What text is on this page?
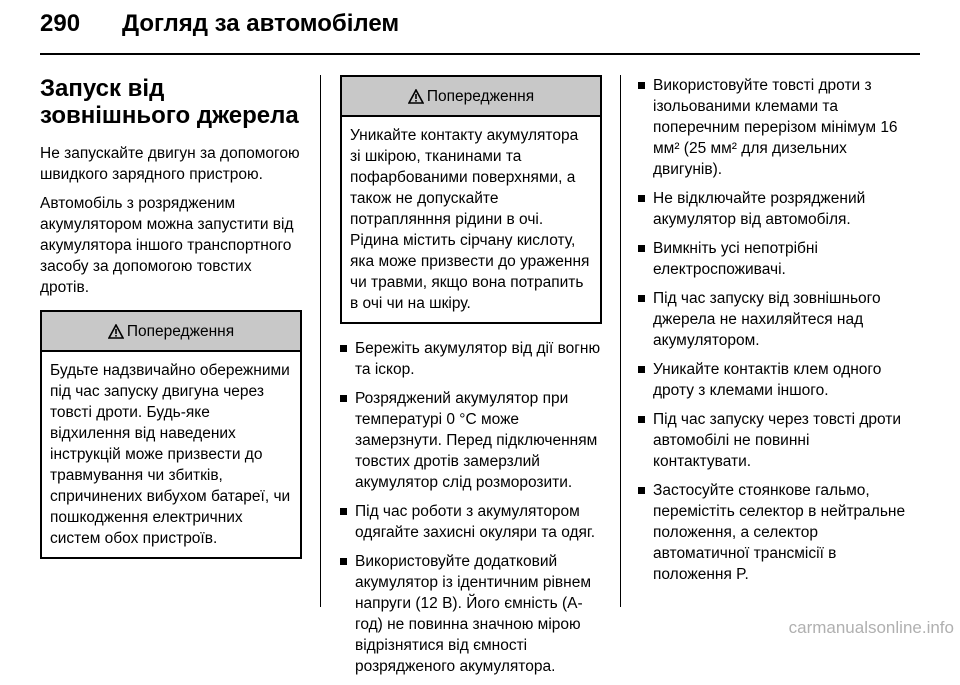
290 Догляд за автомобілем
Запуск від зовнішнього джерела

Не запускайте двигун за допомогою швидкого зарядного пристрою.

Автомобіль з розрядженим акумулятором можна запустити від акумулятора іншого транспортного засобу за допомогою товстих дротів.

Попередження
Будьте надзвичайно обережними під час запуску двигуна через товсті дроти. Будь-яке відхилення від наведених інструкцій може призвести до травмування чи збитків, спричинених вибухом батареї, чи пошкодження електричних систем обох пристроїв.
Попередження
Уникайте контакту акумулятора зі шкірою, тканинами та пофарбованими поверхнями, а також не допускайте потраплянння рідини в очі. Рідина містить сірчану кислоту, яка може призвести до ураження чи травми, якщо вона потрапить в очі чи на шкіру.
Бережіть акумулятор від дії вогню та іскор.
Розряджений акумулятор при температурі 0 °C може замерзнути. Перед підключенням товстих дротів замерзлий акумулятор слід розморозити.
Під час роботи з акумулятором одягайте захисні окуляри та одяг.
Використовуйте додатковий акумулятор із ідентичним рівнем напруги (12 В). Його ємність (А-год) не повинна значною мірою відрізнятися від ємності розрядженого акумулятора.
Використовуйте товсті дроти з ізольованими клемами та поперечним перерізом мінімум 16 мм² (25 мм² для дизельних двигунів).
Не відключайте розряджений акумулятор від автомобіля.
Вимкніть усі непотрібні електроспоживачі.
Під час запуску від зовнішнього джерела не нахиляйтеся над акумулятором.
Уникайте контактів клем одного дроту з клемами іншого.
Під час запуску через товсті дроти автомобілі не повинні контактувати.
Застосуйте стоянкове гальмо, перемістіть селектор в нейтральне положення, а селектор автоматичної трансмісії в положення P.
carmanualsonline.info
